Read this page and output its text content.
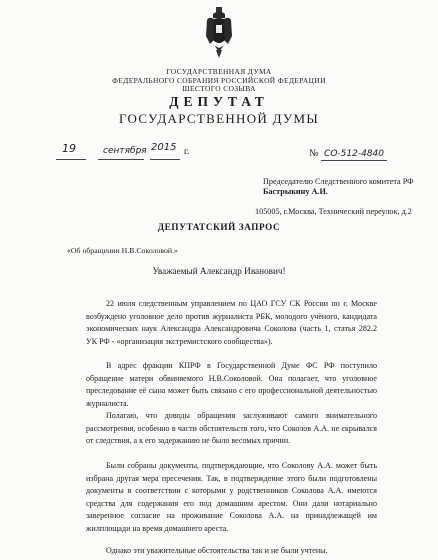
ГОСУДАРСТВЕННАЯ ДУМА
ФЕДЕРАЛЬНОГО СОБРАНИЯ РОССИЙСКОЙ ФЕДЕРАЦИИ
ШЕСТОГО СОЗЫВА
ДЕПУТАТ
ГОСУДАРСТВЕННОЙ ДУМЫ
19	сентября 2015 г.	№ СО-512-4840
Председателю Следственного комитета РФ
Бастрыкину А.И.
105005, г.Москва, Технический переулок, д.2
ДЕПУТАТСКИЙ ЗАПРОС
«Об обращении Н.В.Соколовой.»
Уважаемый Александр Иванович!
22 июля следственным управлением по ЦАО ГСУ СК России по г. Москве возбуждено уголовное дело против журналиста РБК, молодого учёного, кандидата экономических наук Александра Александровича Соколова (часть 1, статья 282.2 УК РФ - «организация экстремистского сообщества»).
В адрес фракции КПРФ в Государственной Думе ФС РФ поступило обращение матери обвиняемого Н.В.Соколовой. Она полагает, что уголовное преследование её сына может быть связано с его профессиональной деятельностью журналиста.
Полагаю, что доводы обращения заслуживают самого внимательного рассмотрения, особенно в части обстоятельств того, что Соколов А.А. не скрывался от следствия, а к его задержанию не было весомых причин.
Были собраны документы, подтверждающие, что Соколову А.А. может быть избрана другая мера пресечения. Так, в подтверждение этого были подготовлены документы в соответствии с которыми у родственников Соколова А.А. имеются средства для содержания его под домашним арестом. Они дали нотариально заверенное согласие на проживание Соколова А.А. на принадлежащей им жилплощади на время домашнего ареста.
Однако эти уважительные обстоятельства так и не были учтены.
